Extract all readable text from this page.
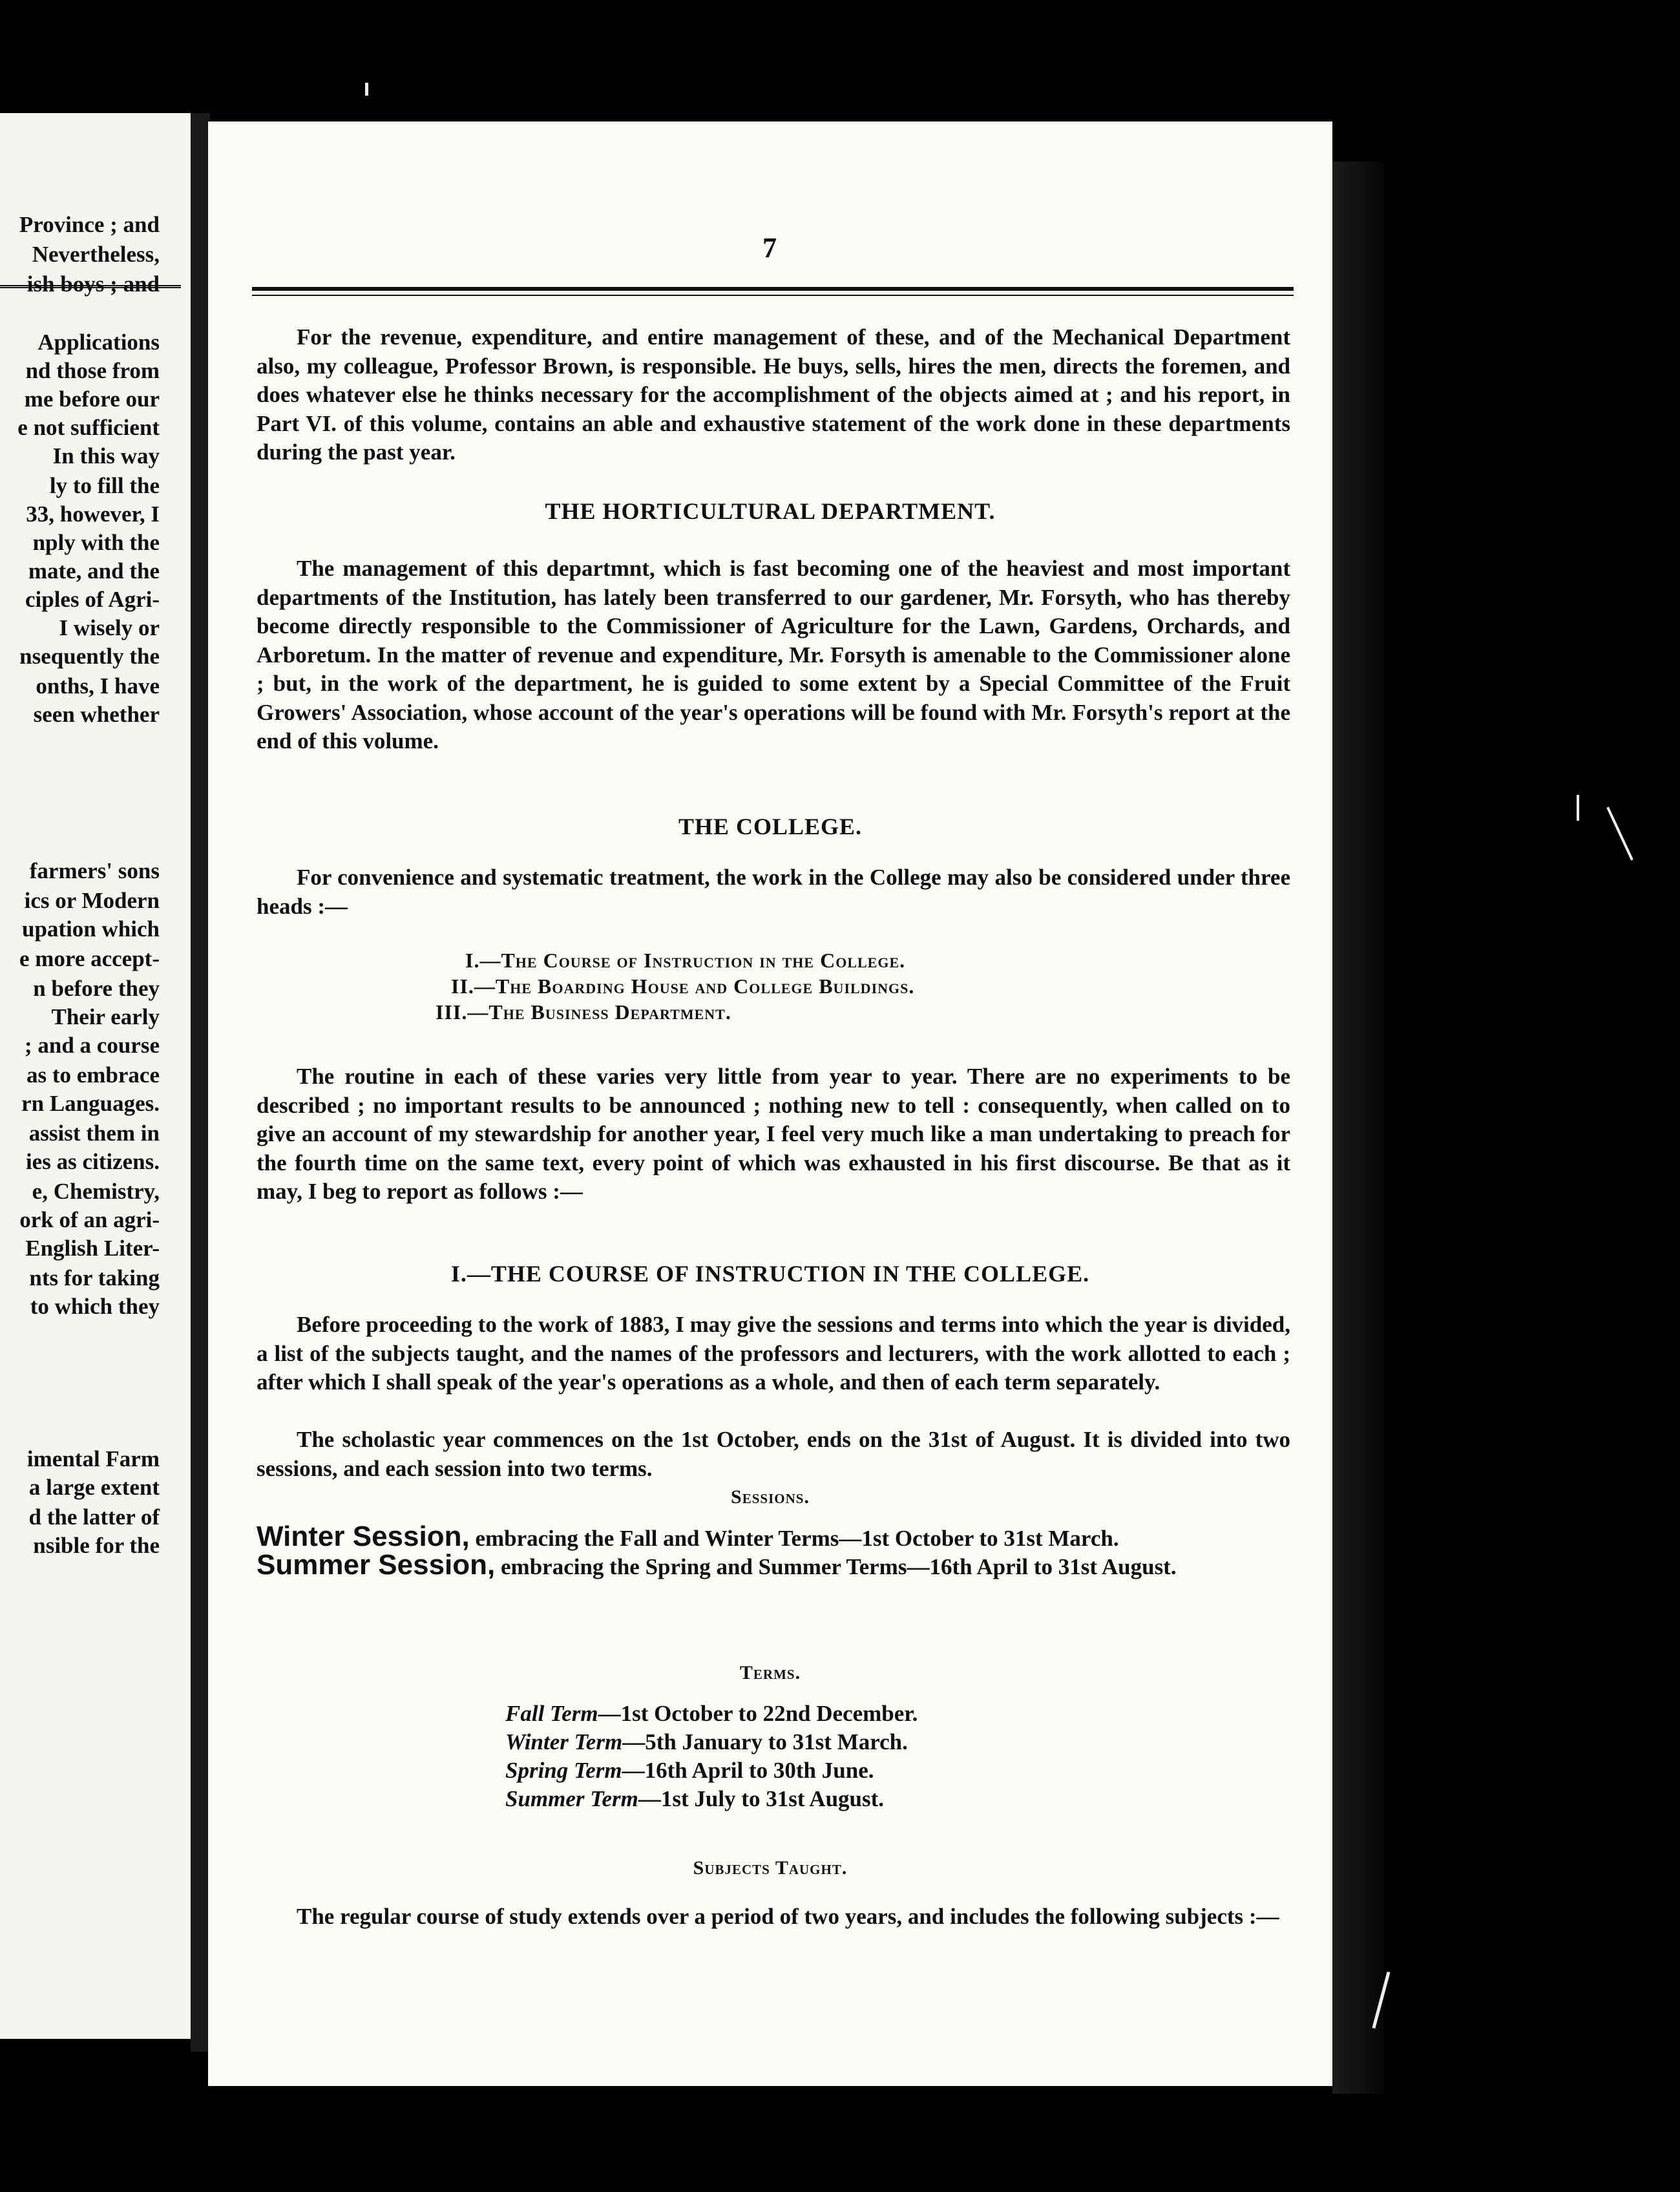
Province ; and
Nevertheless,
ish boys ; and
Applications
nd those from
me before our
e not sufficient
In this way
ly to fill the
33, however, I
nply with the
mate, and the
ciples of Agri-
I wisely or
nsequently the
onths, I have
seen whether
farmers' sons
ics or Modern
upation which
e more accept-
n before they
Their early
; and a course
as to embrace
rn Languages.
assist them in
ies as citizens.
e, Chemistry,
ork of an agri-
English Liter-
nts for taking
to which they
imental Farm
a large extent
d the latter of
nsible for the
7

For the revenue, expenditure, and entire management of these, and of the Mechanical Department also, my colleague, Professor Brown, is responsible. He buys, sells, hires the men, directs the foremen, and does whatever else he thinks necessary for the accomplishment of the objects aimed at ; and his report, in Part VI. of this volume, contains an able and exhaustive statement of the work done in these departments during the past year.

THE HORTICULTURAL DEPARTMENT.

The management of this departmnt, which is fast becoming one of the heaviest and most important departments of the Institution, has lately been transferred to our gardener, Mr. Forsyth, who has thereby become directly responsible to the Commissioner of Agriculture for the Lawn, Gardens, Orchards, and Arboretum. In the matter of revenue and expenditure, Mr. Forsyth is amenable to the Commissioner alone ; but, in the work of the department, he is guided to some extent by a Special Committee of the Fruit Growers' Association, whose account of the year's operations will be found with Mr. Forsyth's report at the end of this volume.

THE COLLEGE.

For convenience and systematic treatment, the work in the College may also be considered under three heads :—

I.—The Course of Instruction in the College.
II.—The Boarding House and College Buildings.
III.—The Business Department.

The routine in each of these varies very little from year to year. There are no experiments to be described ; no important results to be announced ; nothing new to tell : consequently, when called on to give an account of my stewardship for another year, I feel very much like a man undertaking to preach for the fourth time on the same text, every point of which was exhausted in his first discourse. Be that as it may, I beg to report as follows :—

I.—THE COURSE OF INSTRUCTION IN THE COLLEGE.

Before proceeding to the work of 1883, I may give the sessions and terms into which the year is divided, a list of the subjects taught, and the names of the professors and lecturers, with the work allotted to each ; after which I shall speak of the year's operations as a whole, and then of each term separately.

The scholastic year commences on the 1st October, ends on the 31st of August. It is divided into two sessions, and each session into two terms.

Sessions.

Winter Session, embracing the Fall and Winter Terms—1st October to 31st March.

Summer Session, embracing the Spring and Summer Terms—16th April to 31st August.

Terms.
Fall Term—1st October to 22nd December.
Winter Term—5th January to 31st March.
Spring Term—16th April to 30th June.
Summer Term—1st July to 31st August.
Subjects Taught.

The regular course of study extends over a period of two years, and includes the following subjects :—
